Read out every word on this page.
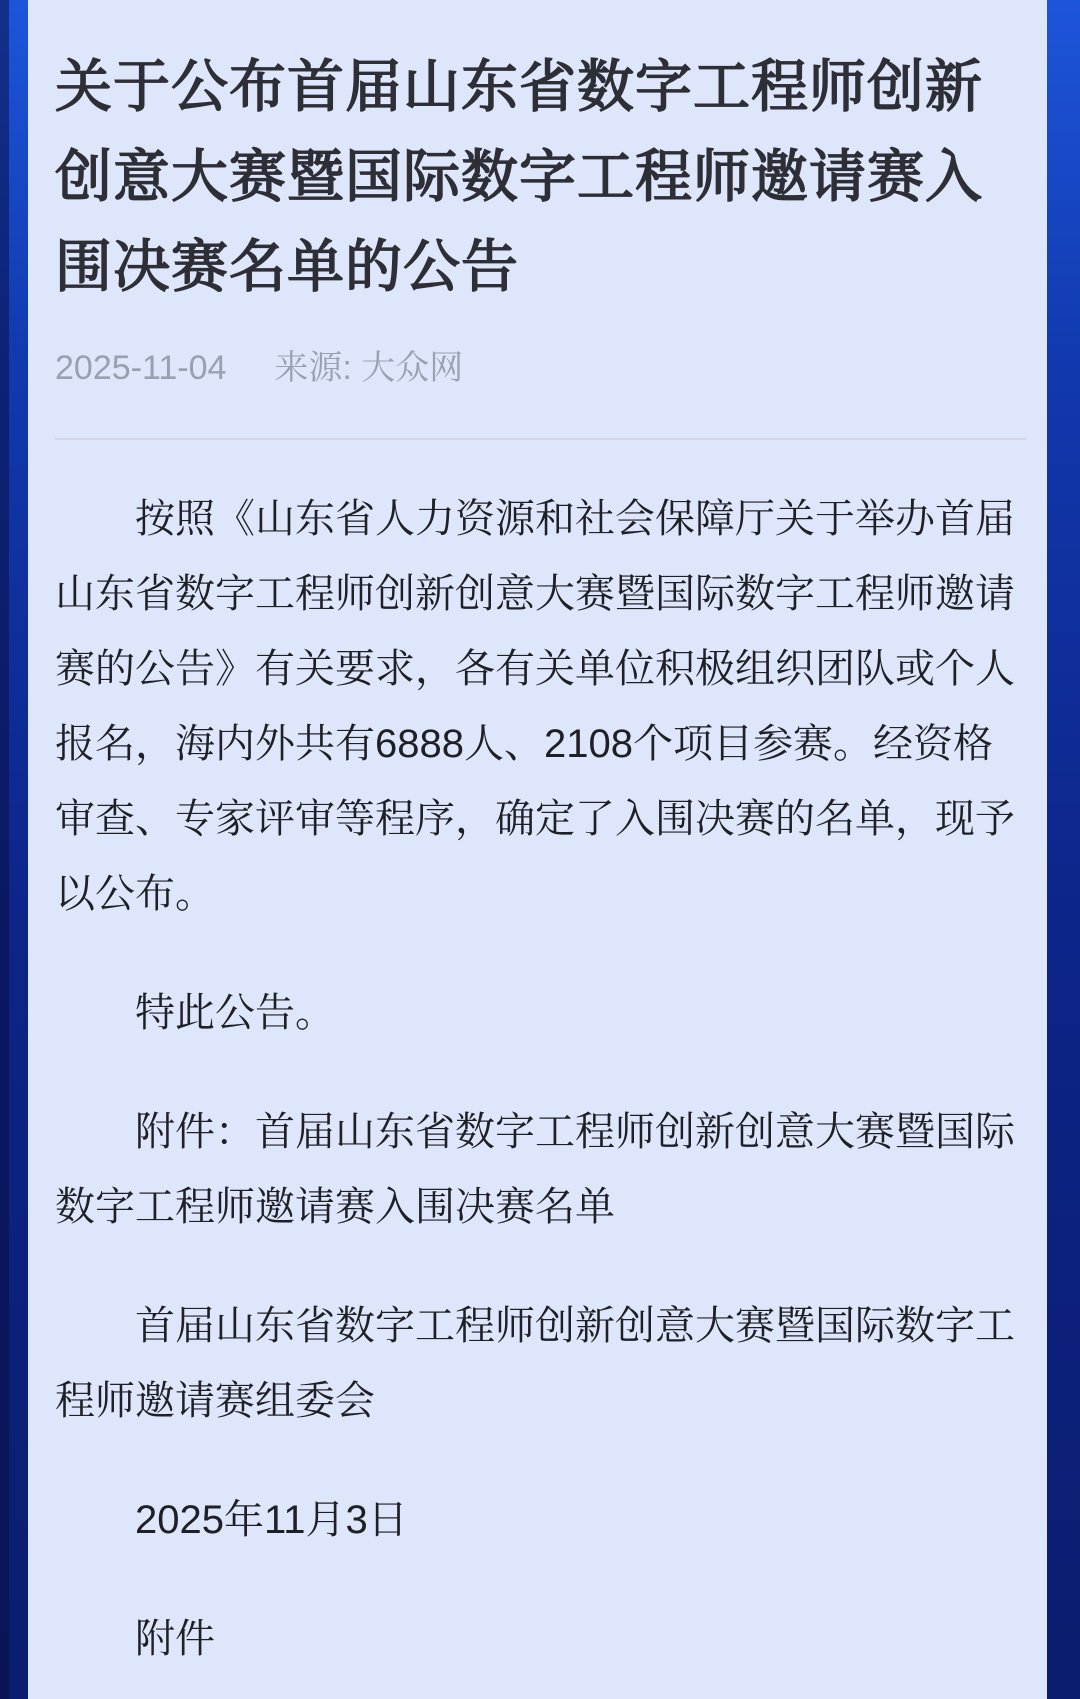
关于公布首届山东省数字工程师创新
创意大赛暨国际数字工程师邀请赛入
围决赛名单的公告
2025-11-04 来源: 大众网

按照《山东省人力资源和社会保障厅关于举办首届
山东省数字工程师创新创意大赛暨国际数字工程师邀请
赛的公告》有关要求，各有关单位积极组织团队或个人
报名，海内外共有6888人、2108个项目参赛。经资格
审查、专家评审等程序，确定了入围决赛的名单，现予
以公布。

特此公告。

附件：首届山东省数字工程师创新创意大赛暨国际
数字工程师邀请赛入围决赛名单

首届山东省数字工程师创新创意大赛暨国际数字工
程师邀请赛组委会

2025年11月3日

附件
